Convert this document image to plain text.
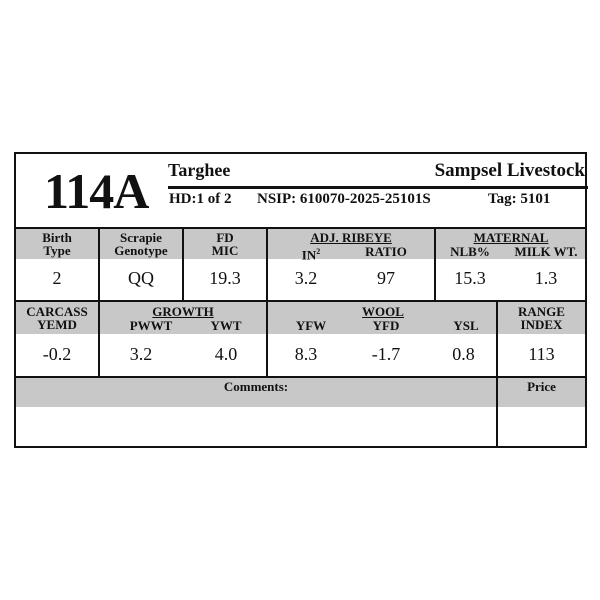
114A Targhee	Sampsel Livestock
HD:1 of 2 NSIP: 610070-2025-25101S	Tag: 5101
Birth
Type
Scrapie
Genotype
FD
MIC
ADJ. RIBEYE
$IN^2$	RATIO
MATERNAL
NLB%	MILK WT.
2	QQ	19.3	3.2	97	15.3	1.3
CARCASS
YEMD
GROWTH
PWWT	YWT
WOOL
YFW	YFD	YSL
RANGE
INDEX
-0.2	3.2	4.0	8.3	-1.7	0.8	113
Comments:	Price
